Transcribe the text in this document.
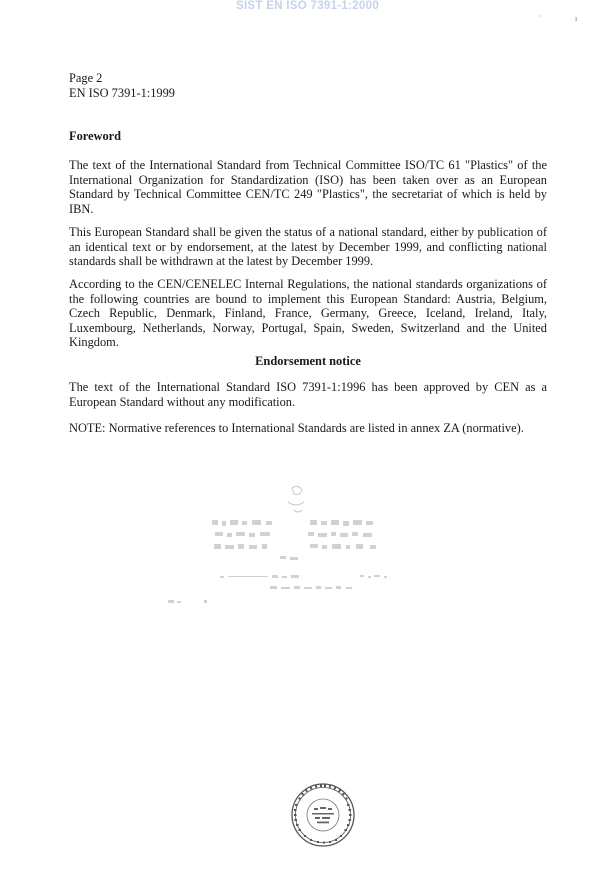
SIST EN ISO 7391-1:2000
·	ı
Page 2
EN ISO 7391-1:1999
Foreword
The text of the International Standard from Technical Committee ISO/TC 61 "Plastics" of the International Organization for Standardization (ISO) has been taken over as an European Standard by Technical Committee CEN/TC 249 "Plastics", the secretariat of which is held by IBN.
This European Standard shall be given the status of a national standard, either by publication of an identical text or by endorsement, at the latest by December 1999, and conflicting national standards shall be withdrawn at the latest by December 1999.
According to the CEN/CENELEC Internal Regulations, the national standards organizations of the following countries are bound to implement this European Standard: Austria, Belgium, Czech Republic, Denmark, Finland, France, Germany, Greece, Iceland, Ireland, Italy, Luxembourg, Netherlands, Norway, Portugal, Spain, Sweden, Switzerland and the United Kingdom.
Endorsement notice
The text of the International Standard ISO 7391-1:1996 has been approved by CEN as a European Standard without any modification.
NOTE: Normative references to International Standards are listed in annex ZA (normative).
